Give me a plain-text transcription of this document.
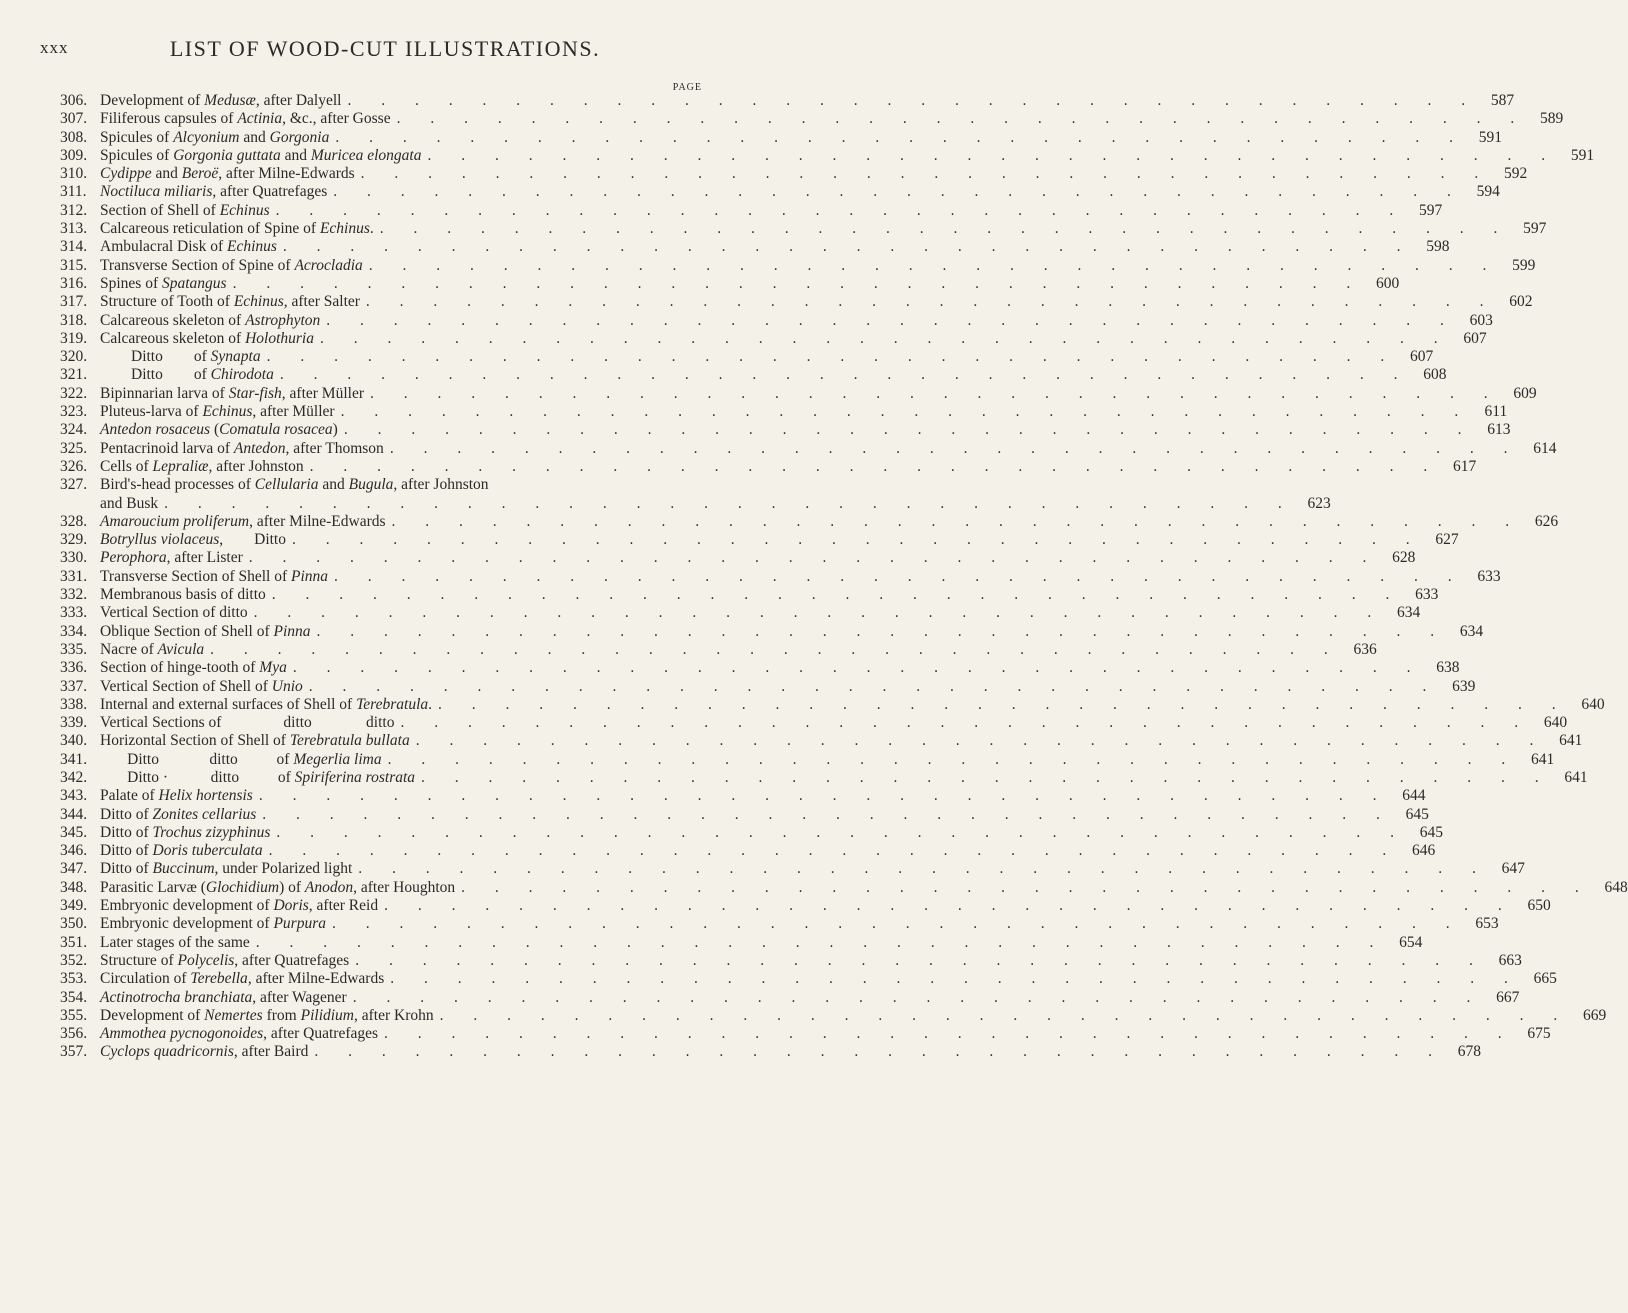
xxx	LIST OF WOOD-CUT ILLUSTRATIONS.
PAGE
306. Development of Medusæ, after Dalyell . . . . . . . . . . . . . . . . . . . . . . . . . . . . . . . . . . 587
307. Filiferous capsules of Actinia, &c., after Gosse . . . . . . . . . . . . . . . . . . . . . . . . . . . . . . . . . . 589
308. Spicules of Alcyonium and Gorgonia . . . . . . . . . . . . . . . . . . . . . . . . . . . . . . . . . . 591
309. Spicules of Gorgonia guttata and Muricea elongata . . . . . . . . . . . . . . . . . . . . . . . . . . . . . . . . . . 591
310. Cydippe and Beroë, after Milne-Edwards . . . . . . . . . . . . . . . . . . . . . . . . . . . . . . . . . . 592
311. Noctiluca miliaris, after Quatrefages . . . . . . . . . . . . . . . . . . . . . . . . . . . . . . . . . . 594
312. Section of Shell of Echinus . . . . . . . . . . . . . . . . . . . . . . . . . . . . . . . . . . 597
313. Calcareous reticulation of Spine of Echinus. . . . . . . . . . . . . . . . . . . . . . . . . . . . . . . . . . . 597
314. Ambulacral Disk of Echinus . . . . . . . . . . . . . . . . . . . . . . . . . . . . . . . . . . 598
315. Transverse Section of Spine of Acrocladia . . . . . . . . . . . . . . . . . . . . . . . . . . . . . . . . . . 599
316. Spines of Spatangus . . . . . . . . . . . . . . . . . . . . . . . . . . . . . . . . . . 600
317. Structure of Tooth of Echinus, after Salter . . . . . . . . . . . . . . . . . . . . . . . . . . . . . . . . . . 602
318. Calcareous skeleton of Astrophyton . . . . . . . . . . . . . . . . . . . . . . . . . . . . . . . . . . 603
319. Calcareous skeleton of Holothuria . . . . . . . . . . . . . . . . . . . . . . . . . . . . . . . . . . 607
320. Ditto        of Synapta . . . . . . . . . . . . . . . . . . . . . . . . . . . . . . . . . . 607
321. Ditto        of Chirodota . . . . . . . . . . . . . . . . . . . . . . . . . . . . . . . . . . 608
322. Bipinnarian larva of Star-fish, after Müller . . . . . . . . . . . . . . . . . . . . . . . . . . . . . . . . . . 609
323. Pluteus-larva of Echinus, after Müller . . . . . . . . . . . . . . . . . . . . . . . . . . . . . . . . . . 611
324. Antedon rosaceus (Comatula rosacea) . . . . . . . . . . . . . . . . . . . . . . . . . . . . . . . . . . 613
325. Pentacrinoid larva of Antedon, after Thomson . . . . . . . . . . . . . . . . . . . . . . . . . . . . . . . . . . 614
326. Cells of Lepraliæ, after Johnston . . . . . . . . . . . . . . . . . . . . . . . . . . . . . . . . . . 617
327. Bird's-head processes of Cellularia and Bugula, after Johnston
and Busk . . . . . . . . . . . . . . . . . . . . . . . . . . . . . . . . . . 623
328. Amaroucium proliferum, after Milne-Edwards . . . . . . . . . . . . . . . . . . . . . . . . . . . . . . . . . . 626
329. Botryllus violaceus,        Ditto . . . . . . . . . . . . . . . . . . . . . . . . . . . . . . . . . . 627
330. Perophora, after Lister . . . . . . . . . . . . . . . . . . . . . . . . . . . . . . . . . . 628
331. Transverse Section of Shell of Pinna . . . . . . . . . . . . . . . . . . . . . . . . . . . . . . . . . . 633
332. Membranous basis of ditto . . . . . . . . . . . . . . . . . . . . . . . . . . . . . . . . . . 633
333. Vertical Section of ditto . . . . . . . . . . . . . . . . . . . . . . . . . . . . . . . . . . 634
334. Oblique Section of Shell of Pinna . . . . . . . . . . . . . . . . . . . . . . . . . . . . . . . . . . 634
335. Nacre of Avicula . . . . . . . . . . . . . . . . . . . . . . . . . . . . . . . . . . 636
336. Section of hinge-tooth of Mya . . . . . . . . . . . . . . . . . . . . . . . . . . . . . . . . . . 638
337. Vertical Section of Shell of Unio . . . . . . . . . . . . . . . . . . . . . . . . . . . . . . . . . . 639
338. Internal and external surfaces of Shell of Terebratula. . . . . . . . . . . . . . . . . . . . . . . . . . . . . . . . . . . 640
339. Vertical Sections of                ditto              ditto . . . . . . . . . . . . . . . . . . . . . . . . . . . . . . . . . . 640
340. Horizontal Section of Shell of Terebratula bullata . . . . . . . . . . . . . . . . . . . . . . . . . . . . . . . . . . 641
341. Ditto             ditto          of Megerlia lima . . . . . . . . . . . . . . . . . . . . . . . . . . . . . . . . . . 641
342. Ditto ·           ditto          of Spiriferina rostrata . . . . . . . . . . . . . . . . . . . . . . . . . . . . . . . . . . 641
343. Palate of Helix hortensis . . . . . . . . . . . . . . . . . . . . . . . . . . . . . . . . . . 644
344. Ditto of Zonites cellarius . . . . . . . . . . . . . . . . . . . . . . . . . . . . . . . . . . 645
345. Ditto of Trochus zizyphinus . . . . . . . . . . . . . . . . . . . . . . . . . . . . . . . . . . 645
346. Ditto of Doris tuberculata . . . . . . . . . . . . . . . . . . . . . . . . . . . . . . . . . . 646
347. Ditto of Buccinum, under Polarized light . . . . . . . . . . . . . . . . . . . . . . . . . . . . . . . . . . 647
348. Parasitic Larvæ (Glochidium) of Anodon, after Houghton . . . . . . . . . . . . . . . . . . . . . . . . . . . . . . . . . . 648
349. Embryonic development of Doris, after Reid . . . . . . . . . . . . . . . . . . . . . . . . . . . . . . . . . . 650
350. Embryonic development of Purpura . . . . . . . . . . . . . . . . . . . . . . . . . . . . . . . . . . 653
351. Later stages of the same . . . . . . . . . . . . . . . . . . . . . . . . . . . . . . . . . . 654
352. Structure of Polycelis, after Quatrefages . . . . . . . . . . . . . . . . . . . . . . . . . . . . . . . . . . 663
353. Circulation of Terebella, after Milne-Edwards . . . . . . . . . . . . . . . . . . . . . . . . . . . . . . . . . . 665
354. Actinotrocha branchiata, after Wagener . . . . . . . . . . . . . . . . . . . . . . . . . . . . . . . . . . 667
355. Development of Nemertes from Pilidium, after Krohn . . . . . . . . . . . . . . . . . . . . . . . . . . . . . . . . . . 669
356. Ammothea pycnogonoides, after Quatrefages . . . . . . . . . . . . . . . . . . . . . . . . . . . . . . . . . . 675
357. Cyclops quadricornis, after Baird . . . . . . . . . . . . . . . . . . . . . . . . . . . . . . . . . . 678
